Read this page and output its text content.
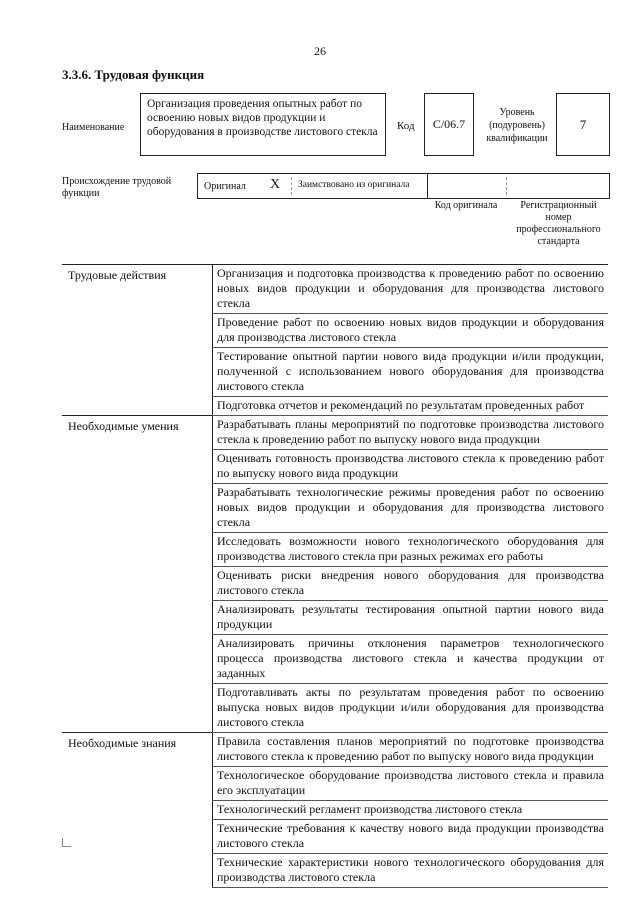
26
3.3.6. Трудовая функция
Наименование
Организация проведения опытных работ по освоению новых видов продукции и оборудования в производстве листового стекла	Код	С/06.7
Уровень (подуровень) квалификации
7
Происхождение трудовой функции
Оригинал X Заимствовано из оригинала
Код оригинала	Регистрационный номер профессионального стандарта
Трудовые действия	Организация и подготовка производства к проведению работ по освоению новых видов продукции и оборудования для производства листового стекла
	Проведение работ по освоению новых видов продукции и оборудования для производства листового стекла
	Тестирование опытной партии нового вида продукции и/или продукции, полученной с использованием нового оборудования для производства листового стекла
	Подготовка отчетов и рекомендаций по результатам проведенных работ
Необходимые умения	Разрабатывать планы мероприятий по подготовке производства листового стекла к проведению работ по выпуску нового вида продукции
	Оценивать готовность производства листового стекла к проведению работ по выпуску нового вида продукции
	Разрабатывать технологические режимы проведения работ по освоению новых видов продукции и оборудования для производства листового стекла
	Исследовать возможности нового технологического оборудования для производства листового стекла при разных режимах его работы
	Оценивать риски внедрения нового оборудования для производства листового стекла
	Анализировать результаты тестирования опытной партии нового вида продукции
	Анализировать причины отклонения параметров технологического процесса производства листового стекла и качества продукции от заданных
	Подготавливать акты по результатам проведения работ по освоению выпуска новых видов продукции и/или оборудования для производства листового стекла
Необходимые знания	Правила составления планов мероприятий по подготовке производства листового стекла к проведению работ по выпуску нового вида продукции
	Технологическое оборудование производства листового стекла и правила его эксплуатации
	Технологический регламент производства листового стекла
	Технические требования к качеству нового вида продукции производства листового стекла
	Технические характеристики нового технологического оборудования для производства листового стекла
